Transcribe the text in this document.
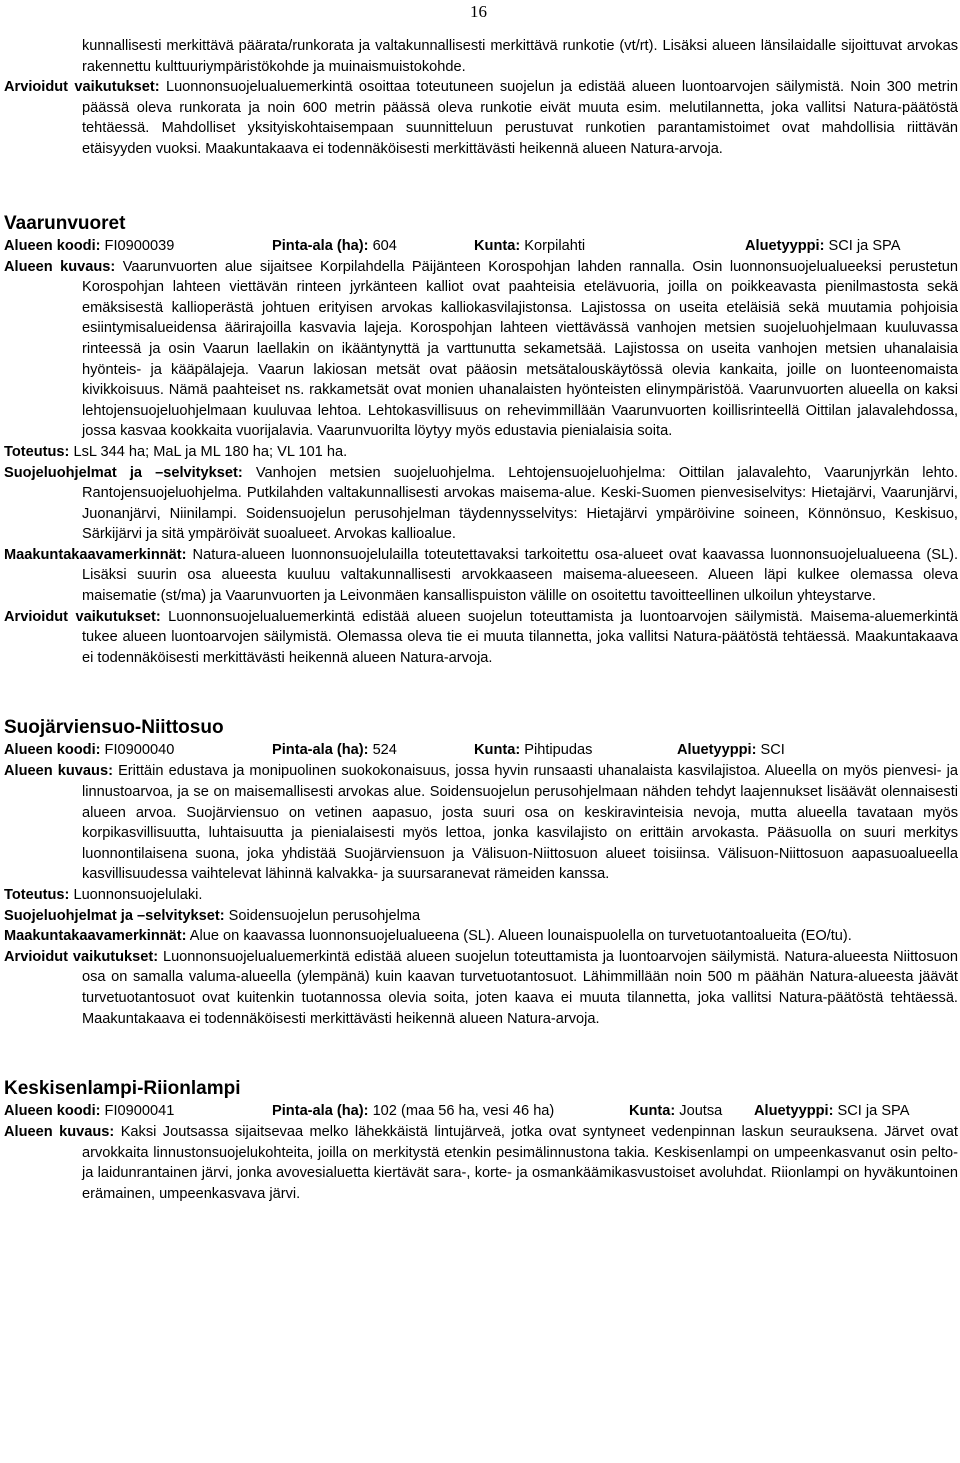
16

kunnallisesti merkittävä päärata/runkorata ja valtakunnallisesti merkittävä runkotie (vt/rt). Lisäksi alueen länsilaidalle sijoittuvat arvokas rakennettu kulttuuriympäristökohde ja muinaismuistokohde.

Arvioidut vaikutukset: Luonnonsuojelualuemerkintä osoittaa toteutuneen suojelun ja edistää alueen luontoarvojen säilymistä. Noin 300 metrin päässä oleva runkorata ja noin 600 metrin päässä oleva runkotie eivät muuta esim. melutilannetta, joka vallitsi Natura-päätöstä tehtäessä. Mahdolliset yksityiskohtaisempaan suunnitteluun perustuvat runkotien parantamistoimet ovat mahdollisia riittävän etäisyyden vuoksi. Maakuntakaava ei todennäköisesti merkittävästi heikennä alueen Natura-arvoja.

Vaarunvuoret
Alueen koodi: FI0900039	Pinta-ala (ha): 604	Kunta: Korpilahti	Aluetyyppi: SCI ja SPA

Alueen kuvaus: Vaarunvuorten alue sijaitsee Korpilahdella Päijänteen Korospohjan lahden rannalla. Osin luonnonsuojelualueeksi perustetun Korospohjan lahteen viettävän rinteen jyrkänteen kalliot ovat paahteisia etelävuoria, joilla on poikkeavasta pienilmastosta sekä emäksisestä kallioperästä johtuen erityisen arvokas kalliokasvilajistonsa. Lajistossa on useita eteläisiä sekä muutamia pohjoisia esiintymisalueidensa äärirajoilla kasvavia lajeja. Korospohjan lahteen viettävässä vanhojen metsien suojeluohjelmaan kuuluvassa rinteessä ja osin Vaarun laellakin on ikääntynyttä ja varttunutta sekametsää. Lajistossa on useita vanhojen metsien uhanalaisia hyönteis- ja kääpälajeja. Vaarun lakiosan metsät ovat pääosin metsätalouskäytössä olevia kankaita, joille on luonteenomaista kivikkoisuus. Nämä paahteiset ns. rakkametsät ovat monien uhanalaisten hyönteisten elinympäristöä. Vaarunvuorten alueella on kaksi lehtojensuojeluohjelmaan kuuluvaa lehtoa. Lehtokasvillisuus on rehevimmillään Vaarunvuorten koillisrinteellä Oittilan jalavalehdossa, jossa kasvaa kookkaita vuorijalavia. Vaarunvuorilta löytyy myös edustavia pienialaisia soita.

Toteutus: LsL 344 ha; MaL ja ML 180 ha; VL 101 ha.

Suojeluohjelmat ja –selvitykset: Vanhojen metsien suojeluohjelma. Lehtojensuojeluohjelma: Oittilan jalavalehto, Vaarunjyrkän lehto. Rantojensuojeluohjelma. Putkilahden valtakunnallisesti arvokas maisema-alue. Keski-Suomen pienvesiselvitys: Hietajärvi, Vaarunjärvi, Juonanjärvi, Niinilampi. Soidensuojelun perusohjelman täydennysselvitys: Hietajärvi ympäröivine soineen, Könnönsuo, Keskisuo, Särkijärvi ja sitä ympäröivät suoalueet. Arvokas kallioalue.

Maakuntakaavamerkinnät: Natura-alueen luonnonsuojelulailla toteutettavaksi tarkoitettu osa-alueet ovat kaavassa luonnonsuojelualueena (SL). Lisäksi suurin osa alueesta kuuluu valtakunnallisesti arvokkaaseen maisema-alueeseen. Alueen läpi kulkee olemassa oleva maisematie (st/ma) ja Vaarunvuorten ja Leivonmäen kansallispuiston välille on osoitettu tavoitteellinen ulkoilun yhteystarve.

Arvioidut vaikutukset: Luonnonsuojelualuemerkintä edistää alueen suojelun toteuttamista ja luontoarvojen säilymistä. Maisema-aluemerkintä tukee alueen luontoarvojen säilymistä. Olemassa oleva tie ei muuta tilannetta, joka vallitsi Natura-päätöstä tehtäessä. Maakuntakaava ei todennäköisesti merkittävästi heikennä alueen Natura-arvoja.

Suojärviensuo-Niittosuo
Alueen koodi: FI0900040	Pinta-ala (ha): 524	Kunta: Pihtipudas	Aluetyyppi: SCI

Alueen kuvaus: Erittäin edustava ja monipuolinen suokokonaisuus, jossa hyvin runsaasti uhanalaista kasvilajistoa. Alueella on myös pienvesi- ja linnustoarvoa, ja se on maisemallisesti arvokas alue. Soidensuojelun perusohjelmaan nähden tehdyt laajennukset lisäävät olennaisesti alueen arvoa. Suojärviensuo on vetinen aapasuo, josta suuri osa on keskiravinteisia nevoja, mutta alueella tavataan myös korpikasvillisuutta, luhtaisuutta ja pienialaisesti myös lettoa, jonka kasvilajisto on erittäin arvokasta. Pääsuolla on suuri merkitys luonnontilaisena suona, joka yhdistää Suojärviensuon ja Välisuon-Niittosuon alueet toisiinsa. Välisuon-Niittosuon aapasuoalueella kasvillisuudessa vaihtelevat lähinnä kalvakka- ja suursaranevat rämeiden kanssa.

Toteutus: Luonnonsuojelulaki.

Suojeluohjelmat ja –selvitykset: Soidensuojelun perusohjelma

Maakuntakaavamerkinnät: Alue on kaavassa luonnonsuojelualueena (SL). Alueen lounaispuolella on turvetuotantoalueita (EO/tu).

Arvioidut vaikutukset: Luonnonsuojelualuemerkintä edistää alueen suojelun toteuttamista ja luontoarvojen säilymistä. Natura-alueesta Niittosuon osa on samalla valuma-alueella (ylempänä) kuin kaavan turvetuotantosuot. Lähimmillään noin 500 m päähän Natura-alueesta jäävät turvetuotantosuot ovat kuitenkin tuotannossa olevia soita, joten kaava ei muuta tilannetta, joka vallitsi Natura-päätöstä tehtäessä. Maakuntakaava ei todennäköisesti merkittävästi heikennä alueen Natura-arvoja.

Keskisenlampi-Riionlampi
Alueen koodi: FI0900041	Pinta-ala (ha): 102 (maa 56 ha, vesi 46 ha)	Kunta: Joutsa Aluetyyppi: SCI ja SPA

Alueen kuvaus: Kaksi Joutsassa sijaitsevaa melko lähekkäistä lintujärveä, jotka ovat syntyneet vedenpinnan laskun seurauksena. Järvet ovat arvokkaita linnustonsuojelukohteita, joilla on merkitystä etenkin pesimälinnustona takia. Keskisenlampi on umpeenkasvanut osin pelto- ja laidunrantainen järvi, jonka avovesialuetta kiertävät sara-, korte- ja osmankäämikasvustoiset avoluhdat. Riionlampi on hyväkuntoinen erämainen, umpeenkasvava järvi.
